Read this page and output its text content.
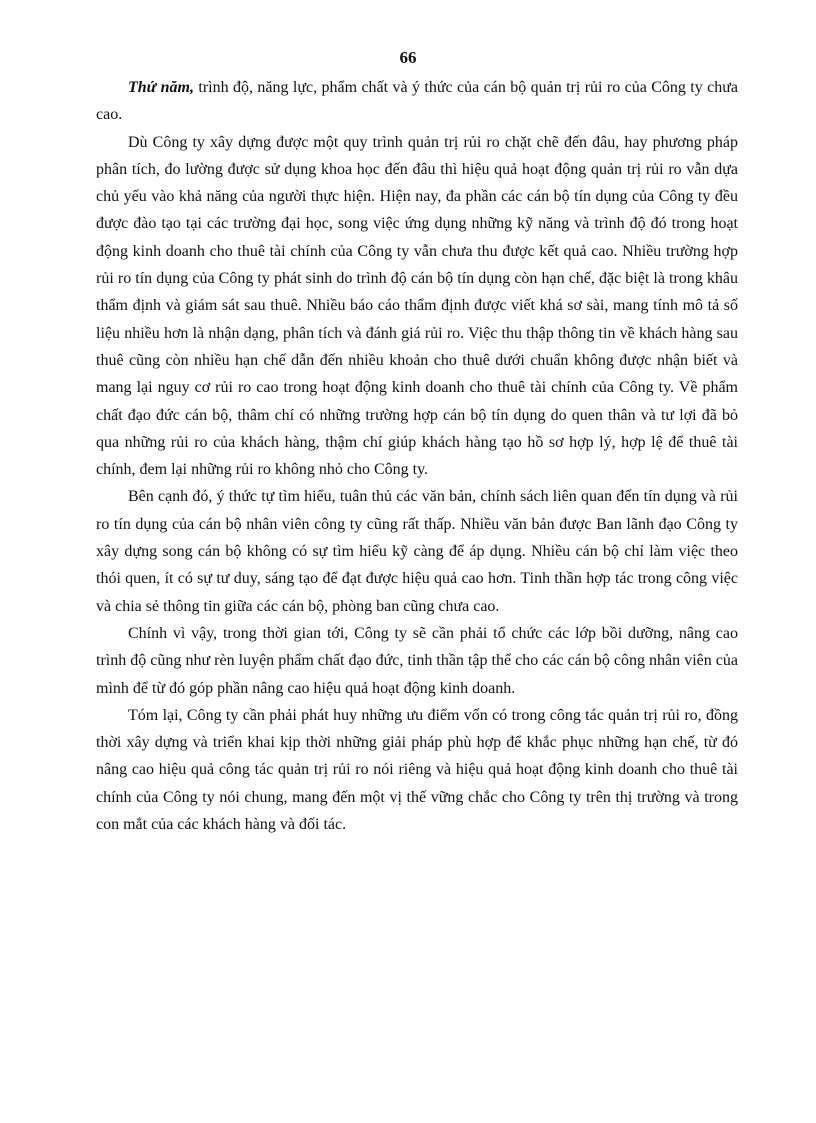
66

Thứ năm, trình độ, năng lực, phẩm chất và ý thức của cán bộ quản trị rủi ro của Công ty chưa cao.

Dù Công ty xây dựng được một quy trình quản trị rủi ro chặt chẽ đến đâu, hay phương pháp phân tích, đo lường được sử dụng khoa học đến đâu thì hiệu quả hoạt động quản trị rủi ro vẫn dựa chủ yếu vào khả năng của người thực hiện. Hiện nay, đa phần các cán bộ tín dụng của Công ty đều được đào tạo tại các trường đại học, song việc ứng dụng những kỹ năng và trình độ đó trong hoạt động kinh doanh cho thuê tài chính của Công ty vẫn chưa thu được kết quả cao. Nhiều trường hợp rủi ro tín dụng của Công ty phát sinh do trình độ cán bộ tín dụng còn hạn chế, đặc biệt là trong khâu thẩm định và giám sát sau thuê. Nhiều báo cáo thẩm định được viết khá sơ sài, mang tính mô tả số liệu nhiều hơn là nhận dạng, phân tích và đánh giá rủi ro. Việc thu thập thông tin về khách hàng sau thuê cũng còn nhiều hạn chế dẫn đến nhiều khoản cho thuê dưới chuẩn không được nhận biết và mang lại nguy cơ rủi ro cao trong hoạt động kinh doanh cho thuê tài chính của Công ty. Về phẩm chất đạo đức cán bộ, thâm chí có những trường hợp cán bộ tín dụng do quen thân và tư lợi đã bỏ qua những rủi ro của khách hàng, thậm chí giúp khách hàng tạo hồ sơ hợp lý, hợp lệ để thuê tài chính, đem lại những rủi ro không nhỏ cho Công ty.

Bên cạnh đó, ý thức tự tìm hiểu, tuân thủ các văn bản, chính sách liên quan đến tín dụng và rủi ro tín dụng của cán bộ nhân viên công ty cũng rất thấp. Nhiều văn bản được Ban lãnh đạo Công ty xây dựng song cán bộ không có sự tìm hiểu kỹ càng để áp dụng. Nhiều cán bộ chỉ làm việc theo thói quen, ít có sự tư duy, sáng tạo để đạt được hiệu quả cao hơn. Tinh thần hợp tác trong công việc và chia sẻ thông tin giữa các cán bộ, phòng ban cũng chưa cao.

Chính vì vậy, trong thời gian tới, Công ty sẽ cần phải tổ chức các lớp bồi dưỡng, nâng cao trình độ cũng như rèn luyện phẩm chất đạo đức, tinh thần tập thể cho các cán bộ công nhân viên của mình để từ đó góp phần nâng cao hiệu quả hoạt động kinh doanh.

Tóm lại, Công ty cần phải phát huy những ưu điểm vốn có trong công tác quản trị rủi ro, đồng thời xây dựng và triển khai kịp thời những giải pháp phù hợp để khắc phục những hạn chế, từ đó nâng cao hiệu quả công tác quản trị rủi ro nói riêng và hiệu quả hoạt động kinh doanh cho thuê tài chính của Công ty nói chung, mang đến một vị thế vững chắc cho Công ty trên thị trường và trong con mắt của các khách hàng và đối tác.
